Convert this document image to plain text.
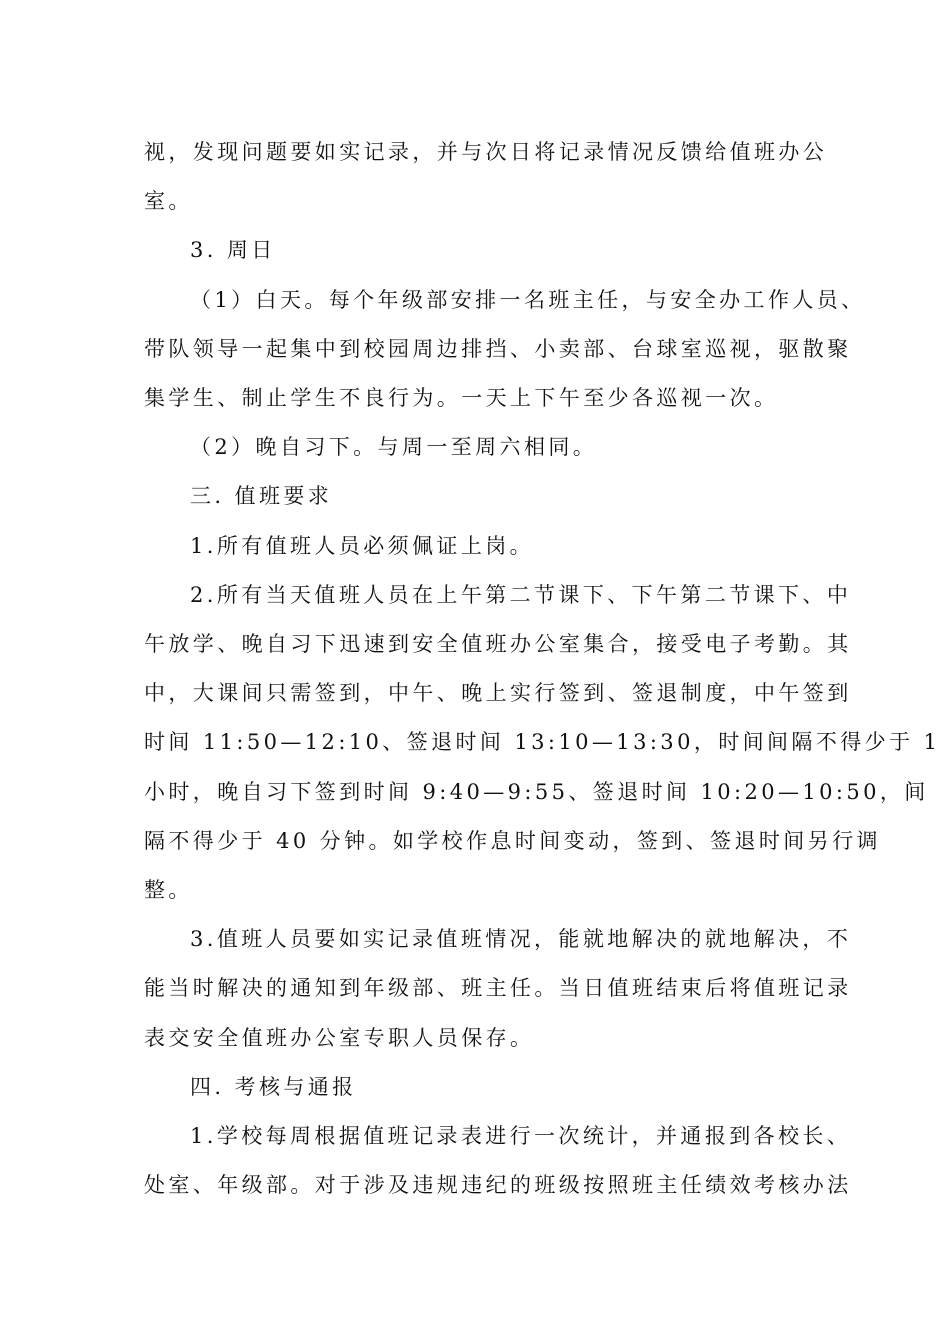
视，发现问题要如实记录，并与次日将记录情况反馈给值班办公

室。

3. 周日

（1）白天。每个年级部安排一名班主任，与安全办工作人员、

带队领导一起集中到校园周边排挡、小卖部、台球室巡视，驱散聚

集学生、制止学生不良行为。一天上下午至少各巡视一次。

（2）晚自习下。与周一至周六相同。

三. 值班要求

1.所有值班人员必须佩证上岗。

2.所有当天值班人员在上午第二节课下、下午第二节课下、中

午放学、晚自习下迅速到安全值班办公室集合，接受电子考勤。其

中，大课间只需签到，中午、晚上实行签到、签退制度，中午签到

时间 11:50—12:10、签退时间 13:10—13:30，时间间隔不得少于 1

小时，晚自习下签到时间 9:40—9:55、签退时间 10:20—10:50，间

隔不得少于 40 分钟。如学校作息时间变动，签到、签退时间另行调

整。

3.值班人员要如实记录值班情况，能就地解决的就地解决，不

能当时解决的通知到年级部、班主任。当日值班结束后将值班记录

表交安全值班办公室专职人员保存。

四. 考核与通报

1.学校每周根据值班记录表进行一次统计，并通报到各校长、

处室、年级部。对于涉及违规违纪的班级按照班主任绩效考核办法
